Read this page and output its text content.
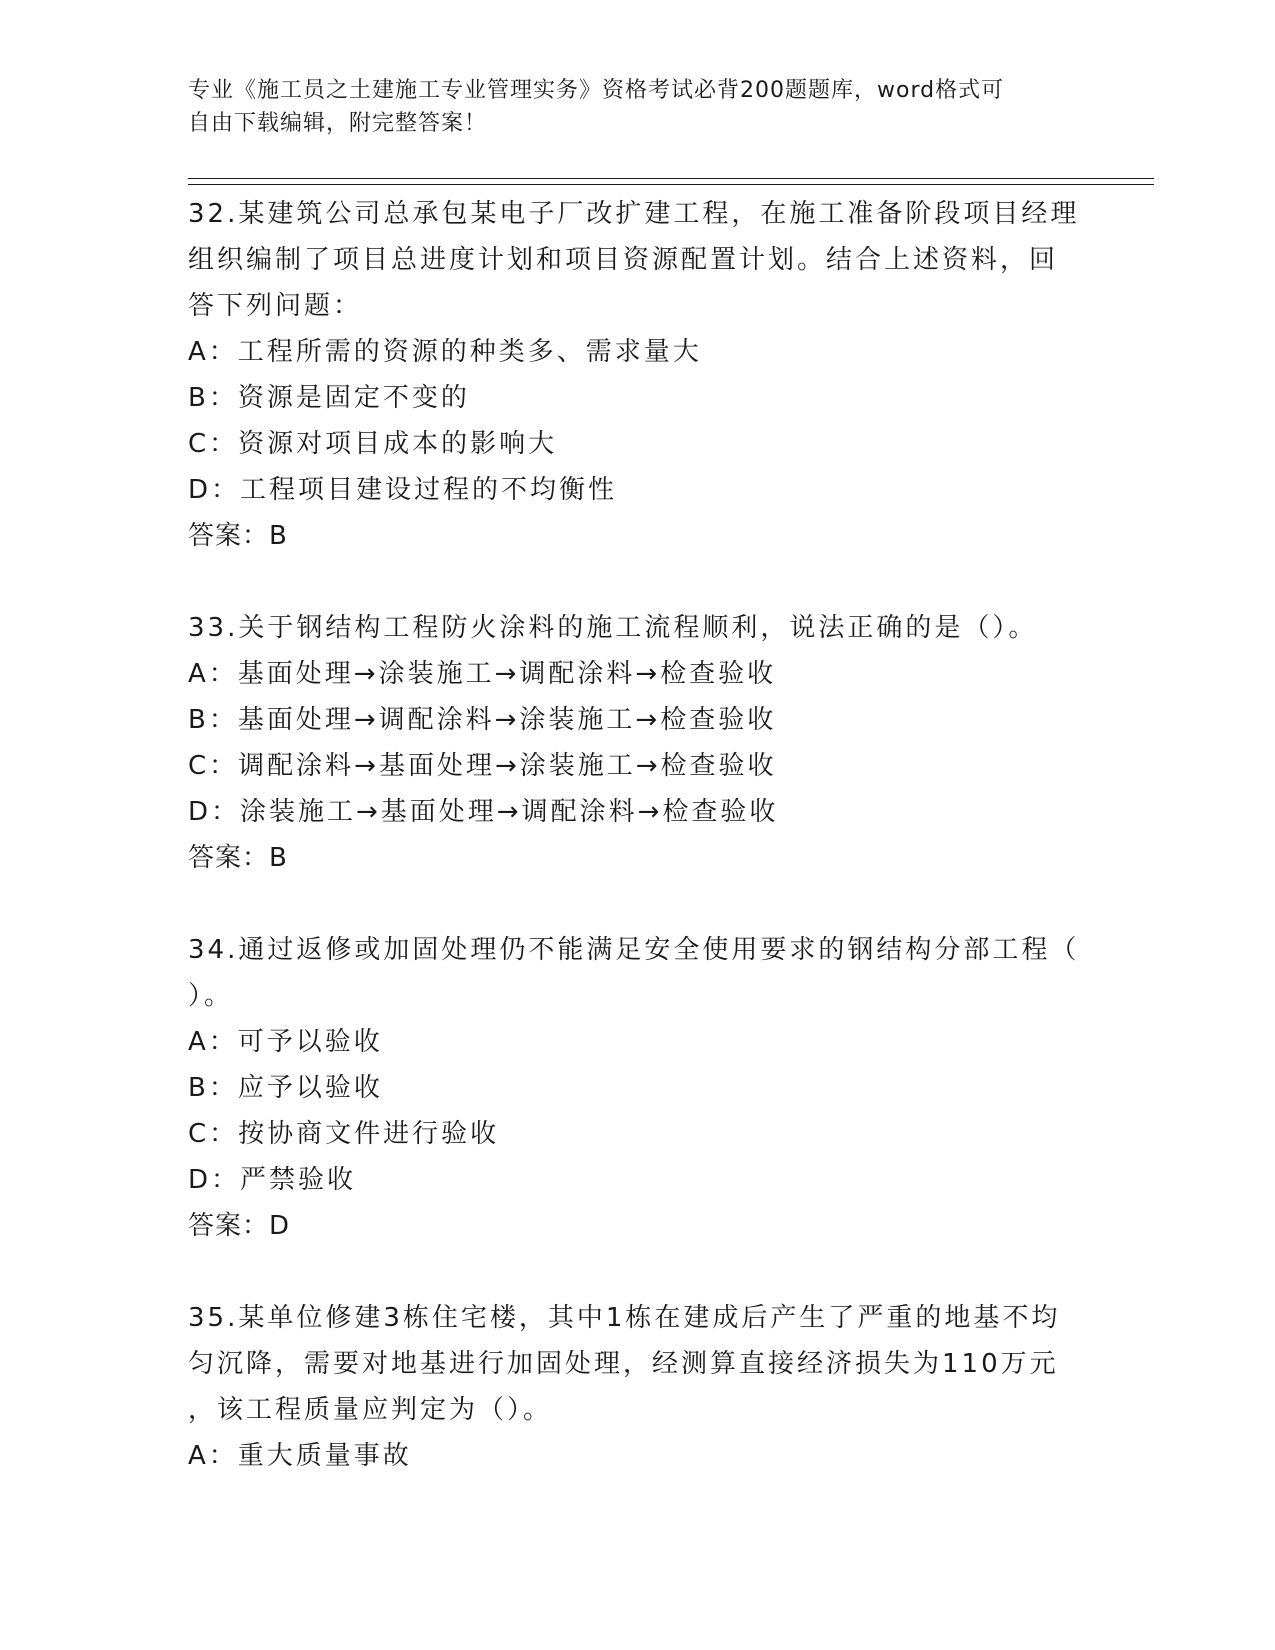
专业《施工员之土建施工专业管理实务》资格考试必背200题题库，word格式可
自由下载编辑，附完整答案！
32.某建筑公司总承包某电子厂改扩建工程，在施工准备阶段项目经理
组织编制了项目总进度计划和项目资源配置计划。结合上述资料，回
答下列问题：
A：工程所需的资源的种类多、需求量大
B：资源是固定不变的
C：资源对项目成本的影响大
D：工程项目建设过程的不均衡性
答案：B
33.关于钢结构工程防火涂料的施工流程顺利，说法正确的是（）。
A：基面处理→涂装施工→调配涂料→检查验收
B：基面处理→调配涂料→涂装施工→检查验收
C：调配涂料→基面处理→涂装施工→检查验收
D：涂装施工→基面处理→调配涂料→检查验收
答案：B
34.通过返修或加固处理仍不能满足安全使用要求的钢结构分部工程（
）。
A：可予以验收
B：应予以验收
C：按协商文件进行验收
D：严禁验收
答案：D
35.某单位修建3栋住宅楼，其中1栋在建成后产生了严重的地基不均
匀沉降，需要对地基进行加固处理，经测算直接经济损失为110万元
，该工程质量应判定为（）。
A：重大质量事故
